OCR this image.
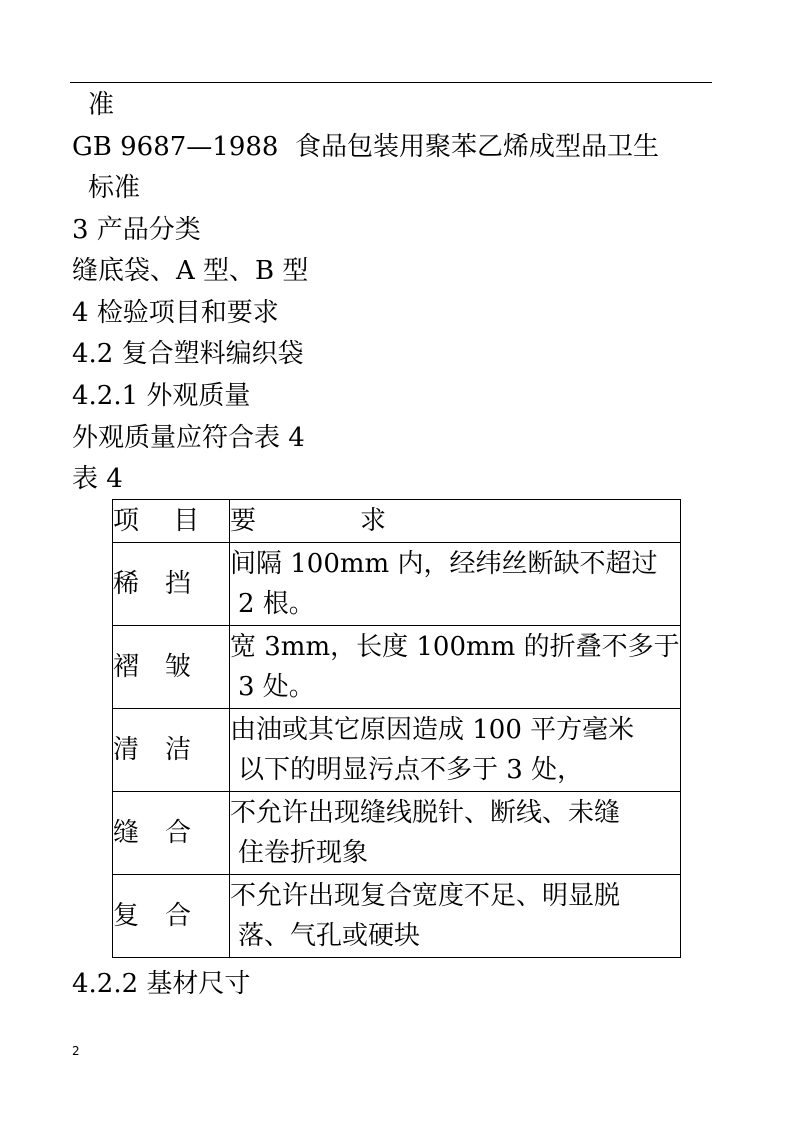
准
GB 9687—1988  食品包装用聚苯乙烯成型品卫生
标准
3 产品分类
缝底袋、A 型、B 型
4 检验项目和要求
4.2 复合塑料编织袋
4.2.1 外观质量
外观质量应符合表 4
表 4
项　 目	要　　　　求

稀　挡	间隔 100mm 内，经纬丝断缺不超过
2 根。

褶　皱	宽 3mm，长度 100mm 的折叠不多于
3 处。

清　洁	由油或其它原因造成 100 平方毫米
以下的明显污点不多于 3 处，

缝　合	不允许出现缝线脱针、断线、未缝
住卷折现象

复　合	不允许出现复合宽度不足、明显脱
落、气孔或硬块
4.2.2 基材尺寸
2
